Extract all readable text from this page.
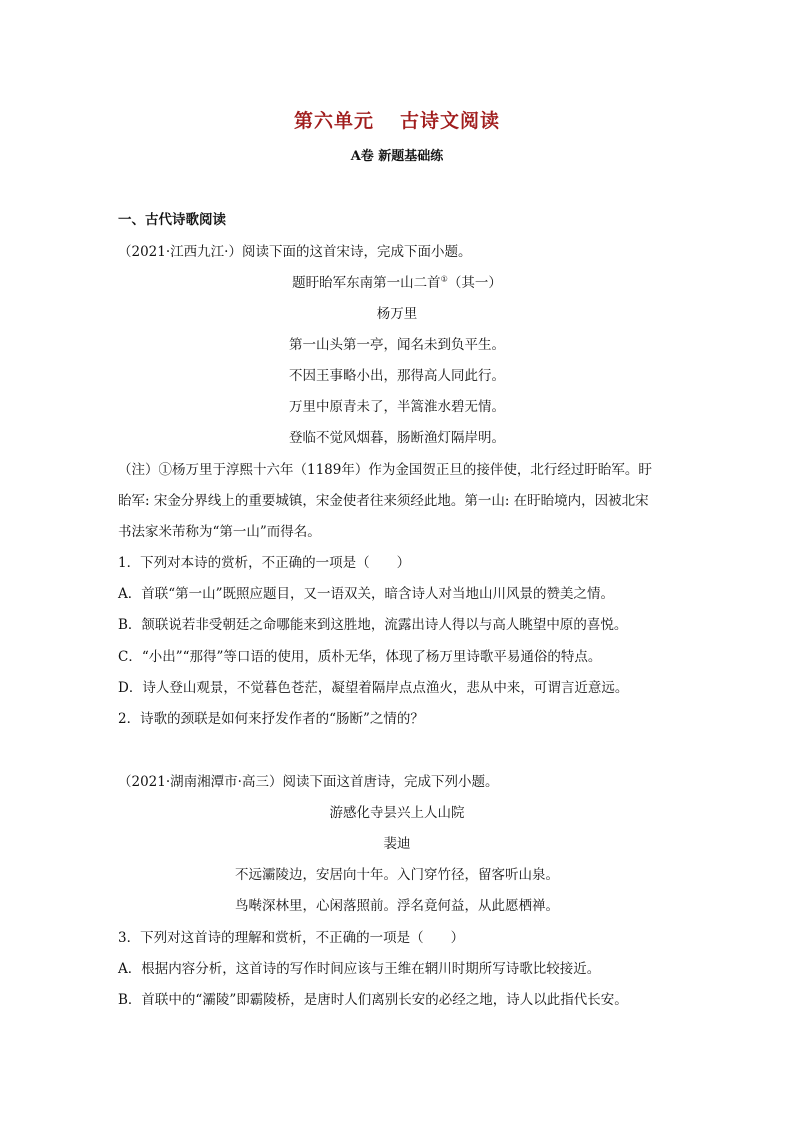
第六单元 古诗文阅读
A卷 新题基础练
一、古代诗歌阅读
（2021·江西九江·）阅读下面的这首宋诗，完成下面小题。
题盱眙军东南第一山二首①（其一）
杨万里
第一山头第一亭，闻名未到负平生。
不因王事略小出，那得高人同此行。
万里中原青未了，半篙淮水碧无情。
登临不觉风烟暮，肠断渔灯隔岸明。
（注）①杨万里于淳熙十六年（1189年）作为金国贺正旦的接伴使，北行经过盱眙军。盱
眙军: 宋金分界线上的重要城镇，宋金使者往来须经此地。第一山: 在盱眙境内，因被北宋
书法家米芾称为“第一山”而得名。
1．下列对本诗的赏析，不正确的一项是（　　）
A．首联“第一山”既照应题目，又一语双关，暗含诗人对当地山川风景的赞美之情。
B．颔联说若非受朝廷之命哪能来到这胜地，流露出诗人得以与高人眺望中原的喜悦。
C．“小出”“那得”等口语的使用，质朴无华，体现了杨万里诗歌平易通俗的特点。
D．诗人登山观景，不觉暮色苍茫，凝望着隔岸点点渔火，悲从中来，可谓言近意远。
2．诗歌的颈联是如何来抒发作者的“肠断”之情的？
（2021·湖南湘潭市·高三）阅读下面这首唐诗，完成下列小题。
游感化寺昙兴上人山院
裴迪
不远灞陵边，安居向十年。入门穿竹径，留客听山泉。
鸟啭深林里，心闲落照前。浮名竟何益，从此愿栖禅。
3．下列对这首诗的理解和赏析，不正确的一项是（　　）
A．根据内容分析，这首诗的写作时间应该与王维在辋川时期所写诗歌比较接近。
B．首联中的“灞陵”即霸陵桥，是唐时人们离别长安的必经之地，诗人以此指代长安。
